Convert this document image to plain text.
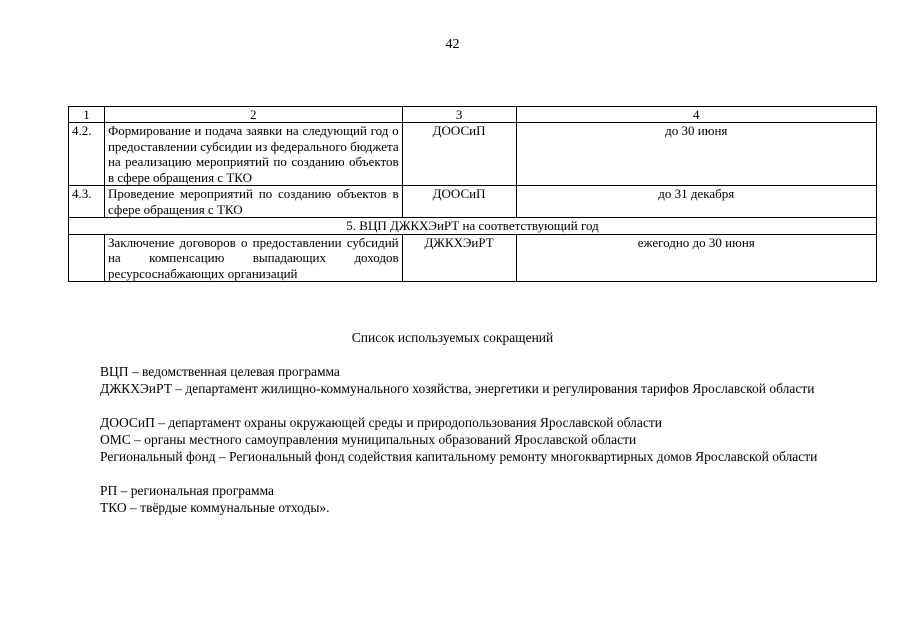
42
1	2	3	4
4.2.	Формирование и подача заявки на следующий год о предоставлении субсидии из федерального бюджета на реализацию мероприятий по созданию объектов в сфере обращения с ТКО	ДООСиП	до 30 июня
4.3.	Проведение мероприятий по созданию объектов в сфере обращения с ТКО	ДООСиП	до 31 декабря
5. ВЦП ДЖКХЭиРТ на соответствующий год			
	Заключение договоров о предоставлении субсидий на компенсацию выпадающих доходов ресурсоснабжающих организаций	ДЖКХЭиРТ	ежегодно до 30 июня
Список используемых сокращений
ВЦП – ведомственная целевая программа
ДЖКХЭиРТ – департамент жилищно-коммунального хозяйства, энергетики и регулирования тарифов Ярославской области
ДООСиП – департамент охраны окружающей среды и природопользования Ярославской области
ОМС – органы местного самоуправления муниципальных образований Ярославской области
Региональный фонд – Региональный фонд содействия капитальному ремонту многоквартирных домов Ярославской области
РП – региональная программа
ТКО – твёрдые коммунальные отходы».
